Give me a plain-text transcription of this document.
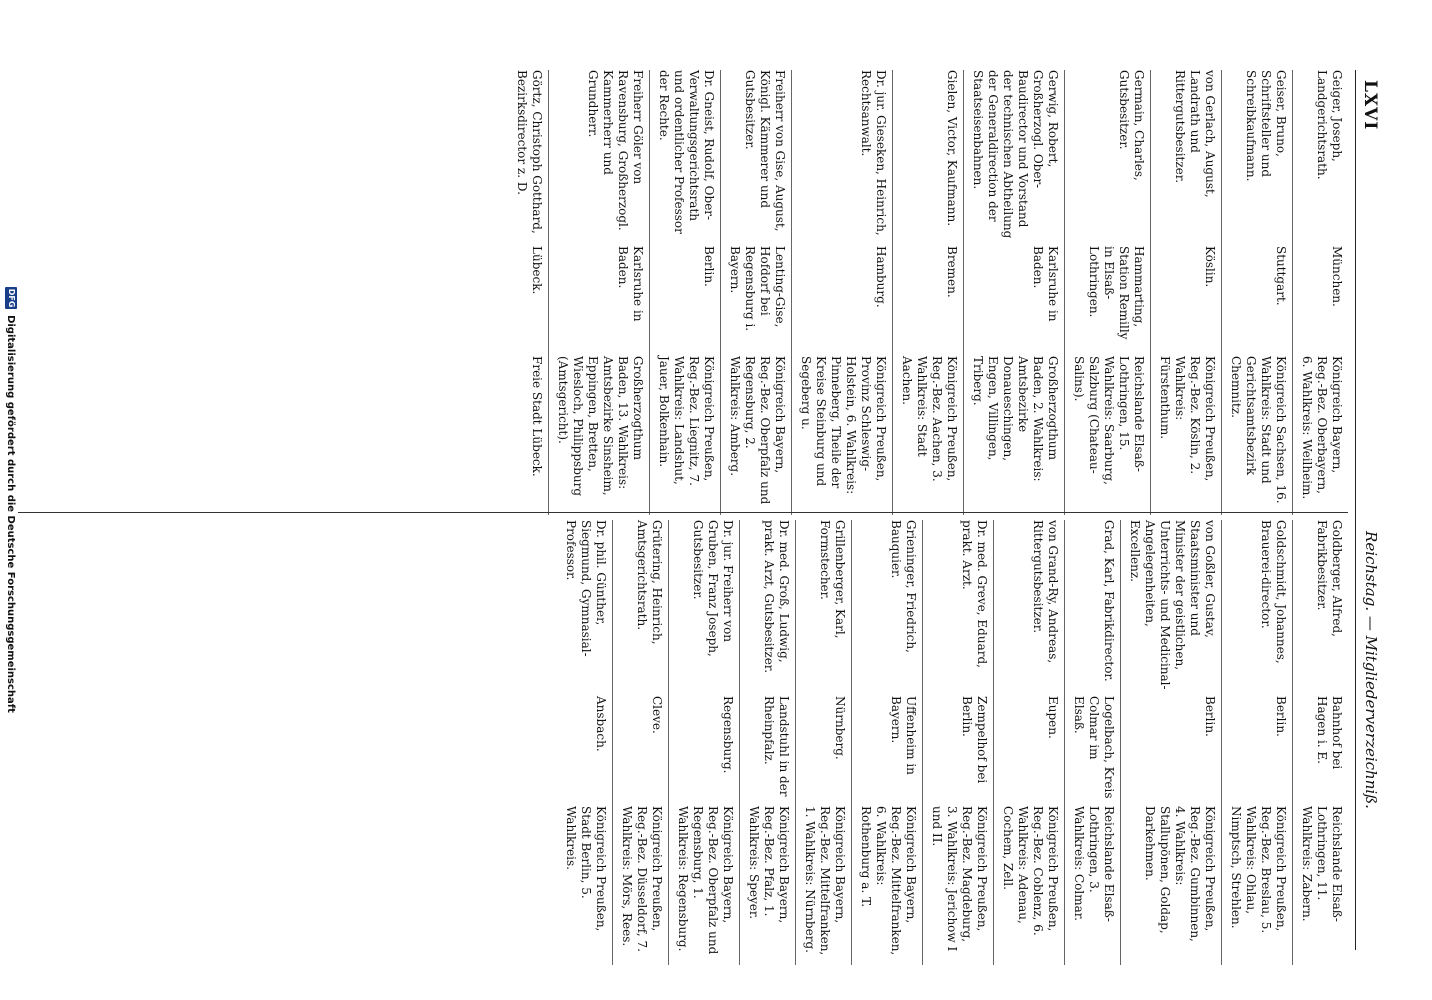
LXVI
Reichstag. — Mitgliederverzeichniß.
Geiger, Joseph, Landgerichtsrath.
München.
Königreich Bayern, Reg.-Bez. Oberbayern, 6. Wahlkreis: Weilheim.
Geiser, Bruno, Schriftsteller und Schreibkaufmann.
Stuttgart.
Königreich Sachsen, 16. Wahlkreis: Stadt und Gerichtsamtsbezirk Chemnitz.
von Gerlach, August, Landrath und Rittergutsbesitzer.
Köslin.
Königreich Preußen, Reg.-Bez. Köslin, 2. Wahlkreis: Fürstenthum.
Germain, Charles, Gutsbesitzer.
Hammarting, Station Remilly in Elsaß-Lothringen.
Reichslande Elsaß-Lothringen, 15. Wahlkreis: Saarburg, Salzburg (Chateau-Salins).
Gerwig, Robert, Großherzogl. Ober-Baudirector und Vorstand der technischen Abtheilung der Generaldirection der Staatseisenbahnen.
Karlsruhe in Baden.
Großherzogthum Baden, 2. Wahlkreis: Amtsbezirke Donaueschingen, Engen, Villingen, Triberg.
Gielen, Victor, Kaufmann.
Bremen.
Königreich Preußen, Reg.-Bez. Aachen, 3. Wahlkreis: Stadt Aachen.
Dr. jur. Gieseken, Heinrich, Rechtsanwalt.
Hamburg.
Königreich Preußen, Provinz Schleswig-Holstein, 6. Wahlkreis: Pinneberg, Theile der Kreise Steinburg und Segeberg u.
Freiherr von Gise, August, Königl. Kämmerer und Gutsbesitzer.
Lenting-Gise, Hofdorf bei Regensburg i. Bayern.
Königreich Bayern, Reg.-Bez. Oberpfalz und Regensburg, 2. Wahlkreis: Amberg.
Dr. Gneist, Rudolf, Ober-Verwaltungsgerichtsrath und ordentlicher Professor der Rechte.
Berlin.
Königreich Preußen, Reg.-Bez. Liegnitz, 7. Wahlkreis: Landshut, Jauer, Bolkenhain.
Freiherr Göler von Ravensburg, Großherzogl. Kammerherr und Grundherr.
Karlsruhe in Baden.
Großherzogthum Baden, 13. Wahlkreis: Amtsbezirke Sinsheim, Eppingen, Bretten, Wiesloch, Philippsburg (Amtsgericht).
Görtz, Christoph Gotthard, Bezirksdirector z. D.
Lübeck.
Freie Stadt Lübeck.
Goldberger, Alfred, Fabrikbesitzer.
Bahnhof bei Hagen i. E.
Reichslande Elsaß-Lothringen, 11. Wahlkreis: Zabern.
Goldschmidt, Johannes, Brauerei-director.
Berlin.
Königreich Preußen, Reg.-Bez. Breslau, 5. Wahlkreis: Ohlau, Nimptsch, Strehlen.
von Goßler, Gustav, Staatsminister und Minister der geistlichen, Unterrichts- und Medicinal-Angelegenheiten, Excellenz.
Berlin.
Königreich Preußen, Reg.-Bez. Gumbinnen, 4. Wahlkreis: Stallupönen, Goldap, Darkehmen.
Grad, Karl, Fabrikdirector.
Logelbach, Kreis Colmar im Elsaß.
Reichslande Elsaß-Lothringen, 3. Wahlkreis: Colmar.
von Grand-Ry, Andreas, Rittergutsbesitzer.
Eupen.
Königreich Preußen, Reg.-Bez. Coblenz, 6. Wahlkreis: Adenau, Cochem, Zell.
Dr. med. Greve, Eduard, prakt. Arzt.
Zempelhof bei Berlin.
Königreich Preußen, Reg.-Bez. Magdeburg, 3. Wahlkreis: Jerichow I und II.
Grieninger, Friedrich, Bauquier.
Uffenheim in Bayern.
Königreich Bayern, Reg.-Bez. Mittelfranken, 6. Wahlkreis: Rothenburg a. T.
Grillenberger, Karl, Formstecher.
Nürnberg.
Königreich Bayern, Reg.-Bez. Mittelfranken, 1. Wahlkreis: Nürnberg.
Dr. med. Groß, Ludwig, prakt. Arzt, Gutsbesitzer.
Landstuhl in der Rheinpfalz.
Königreich Bayern, Reg.-Bez. Pfalz, 1. Wahlkreis: Speyer.
Dr. jur. Freiherr von Gruben, Franz Joseph, Gutsbesitzer.
Regensburg.
Königreich Bayern, Reg.-Bez. Oberpfalz und Regensburg, 1. Wahlkreis: Regensburg.
Grütering, Heinrich, Amtsgerichtsrath.
Cleve.
Königreich Preußen, Reg.-Bez. Düsseldorf, 7. Wahlkreis: Mörs, Rees.
Dr. phil. Günther, Siegmund, Gymnasial-Professor.
Ansbach.
Königreich Preußen, Stadt Berlin, 5. Wahlkreis.
DFG
Digitalisierung gefördert durch die Deutsche Forschungsgemeinschaft
